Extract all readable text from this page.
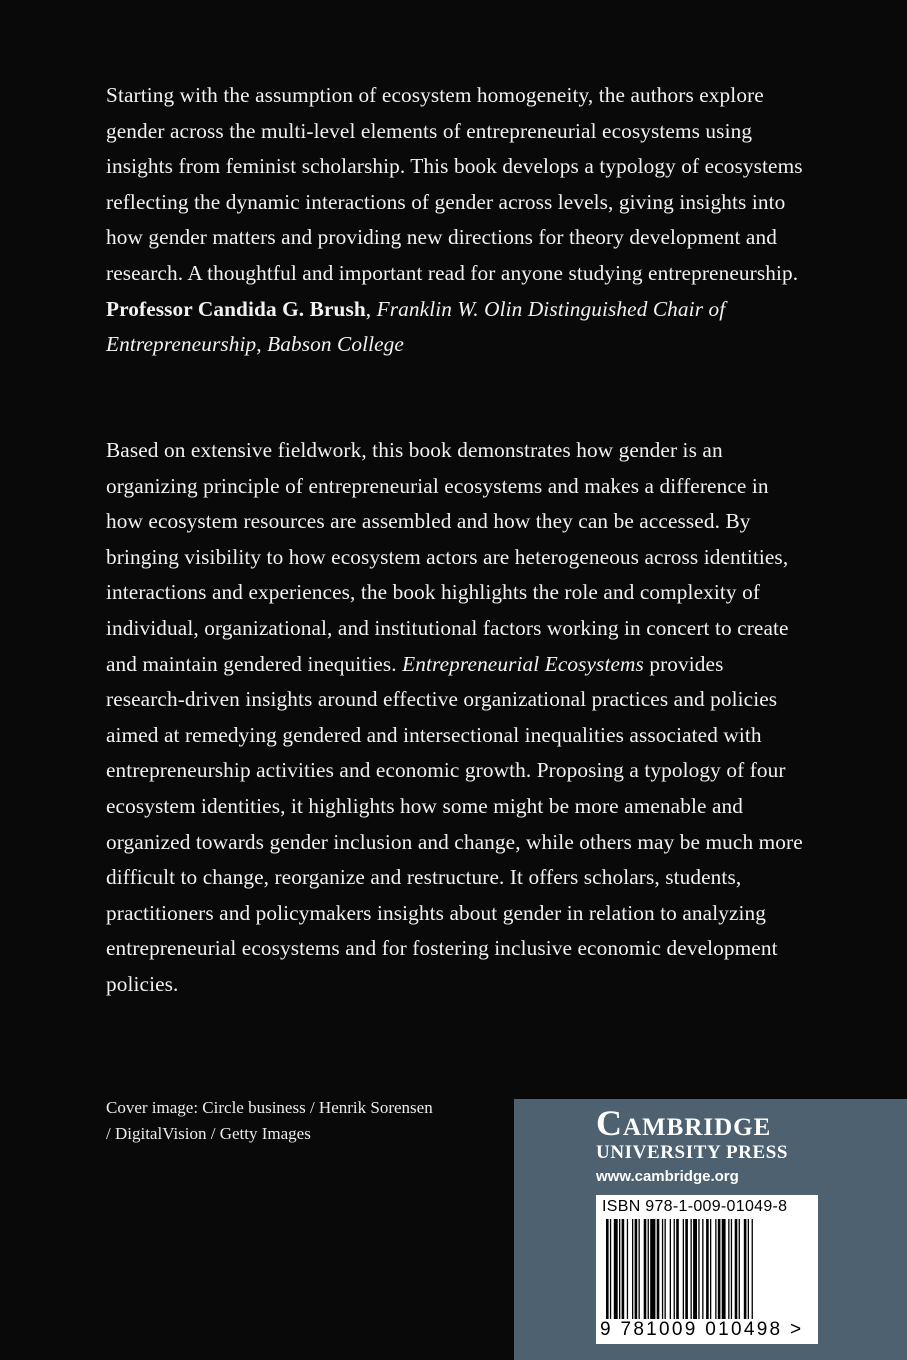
Starting with the assumption of ecosystem homogeneity, the authors explore gender across the multi-level elements of entrepreneurial ecosystems using insights from feminist scholarship. This book develops a typology of ecosystems reflecting the dynamic interactions of gender across levels, giving insights into how gender matters and providing new directions for theory development and research. A thoughtful and important read for anyone studying entrepreneurship.
Professor Candida G. Brush, Franklin W. Olin Distinguished Chair of Entrepreneurship, Babson College

Based on extensive fieldwork, this book demonstrates how gender is an organizing principle of entrepreneurial ecosystems and makes a difference in how ecosystem resources are assembled and how they can be accessed. By bringing visibility to how ecosystem actors are heterogeneous across identities, interactions and experiences, the book highlights the role and complexity of individual, organizational, and institutional factors working in concert to create and maintain gendered inequities. Entrepreneurial Ecosystems provides research-driven insights around effective organizational practices and policies aimed at remedying gendered and intersectional inequalities associated with entrepreneurship activities and economic growth. Proposing a typology of four ecosystem identities, it highlights how some might be more amenable and organized towards gender inclusion and change, while others may be much more difficult to change, reorganize and restructure. It offers scholars, students, practitioners and policymakers insights about gender in relation to analyzing entrepreneurial ecosystems and for fostering inclusive economic development policies.

Cover image: Circle business / Henrik Sorensen / DigitalVision / Getty Images	Cambridge
UNIVERSITY PRESS
www.cambridge.org
ISBN 978-1-009-01049-8
9 781009 010498 >
